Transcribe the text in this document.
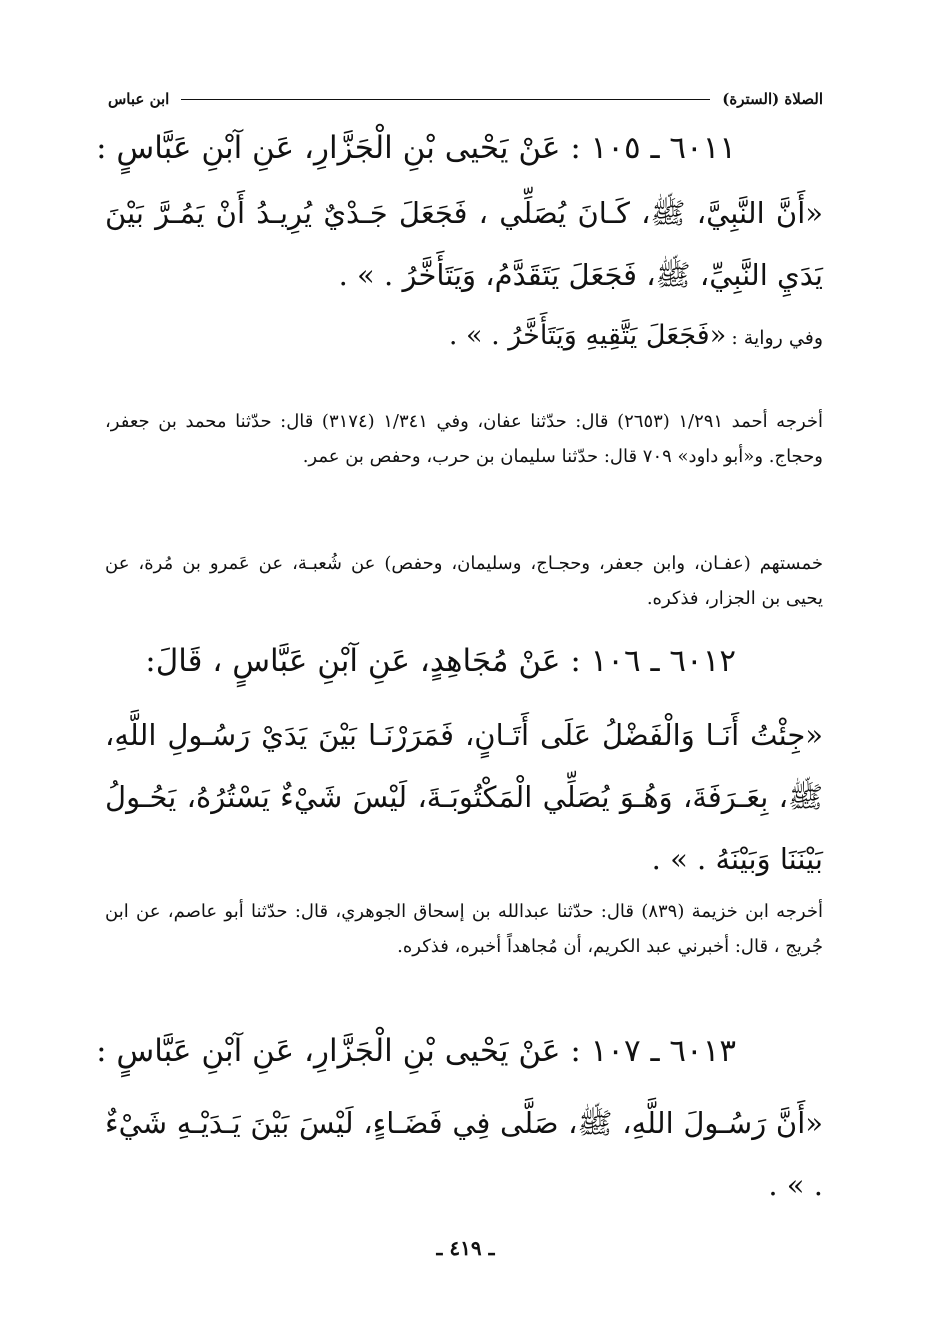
الصلاة (السترة)
ابن عباس
٦٠١١ ـ ١٠٥ : عَنْ يَحْيى بْنِ الْجَزَّارِ، عَنِ آبْنِ عَبَّاسٍ :
«أَنَّ النَّبِيَّ، ﷺ، كَـانَ يُصَلِّي ، فَجَعَلَ جَـدْيٌ يُرِيـدُ أَنْ يَمُـرَّ بَيْنَ يَدَيِ النَّبِيِّ، ﷺ، فَجَعَلَ يَتَقَدَّمُ، وَيَتَأَخَّرُ . » .
وفي رواية : «فَجَعَلَ يَتَّقِيهِ وَيَتَأَخَّرُ . » .
أخرجه أحمد ١/٢٩١ (٢٦٥٣) قال: حدّثنا عفان، وفي ١/٣٤١ (٣١٧٤) قال: حدّثنا محمد بن جعفر، وحجاج. و«أبو داود» ٧٠٩ قال: حدّثنا سليمان بن حرب، وحفص بن عمر.
خمستهم (عفـان، وابن جعفر، وحجـاج، وسليمان، وحفص) عن شُعبـة، عن عَمرو بن مُرة، عن يحيى بن الجزار، فذكره.
٦٠١٢ ـ ١٠٦ : عَنْ مُجَاهِدٍ، عَنِ آبْنِ عَبَّاسٍ ، قَالَ:
«جِئْتُ أَنَـا وَالْفَضْلُ عَلَى أَتَـانٍ، فَمَرَرْنَـا بَيْنَ يَدَيْ رَسُـولِ اللَّهِ، ﷺ، بِعَـرَفَةَ، وَهُـوَ يُصَلِّي الْمَكْتُوبَـةَ، لَيْسَ شَيْءٌ يَسْتُرُهُ، يَحُـولُ بَيْنَنَا وَبَيْنَهُ . » .
أخرجه ابن خزيمة (٨٣٩) قال: حدّثنا عبدالله بن إسحاق الجوهري، قال: حدّثنا أبو عاصم، عن ابن جُريج ، قال: أخبرني عبد الكريم، أن مُجاهداً أخبره، فذكره.
٦٠١٣ ـ ١٠٧ : عَنْ يَحْيى بْنِ الْجَزَّارِ، عَنِ آبْنِ عَبَّاسٍ :
«أَنَّ رَسُـولَ اللَّهِ، ﷺ، صَلَّى فِي فَضَـاءٍ، لَيْسَ بَيْنَ يَـدَيْـهِ شَيْءٌ . » .
ـ ٤١٩ ـ
